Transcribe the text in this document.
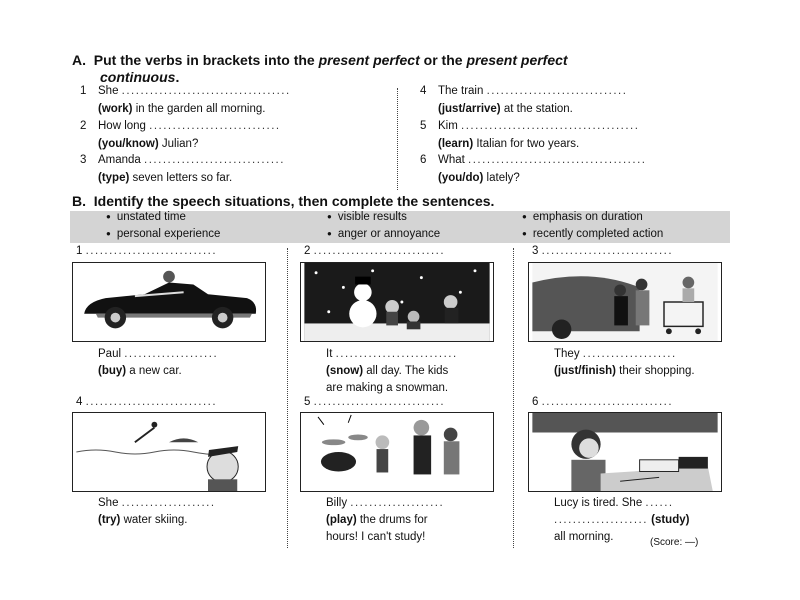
A. Put the verbs in brackets into the present perfect or the present perfect
continuous.
1 She ....................................
(work) in the garden all morning.
2 How long ............................
(you/know) Julian?
3 Amanda ..............................
(type) seven letters so far.
4 The train ..............................
(just/arrive) at the station.
5 Kim ......................................
(learn) Italian for two years.
6 What ......................................
(you/do) lately?
B. Identify the speech situations, then complete the sentences.
● unstated time	● visible results	● emphasis on duration
● personal experience	● anger or annoyance	● recently completed action
1 ............................
Paul ....................
(buy) a new car.
2 ............................
It ..........................
(snow) all day. The kids
are making a snowman.
3 ............................
They ....................
(just/finish) their shopping.
4 ............................
She ....................
(try) water skiing.
5 ............................
Billy ....................
(play) the drums for
hours! I can't study!
6 ............................
Lucy is tired. She ......
.................... (study)
all morning.	(Score: —)
